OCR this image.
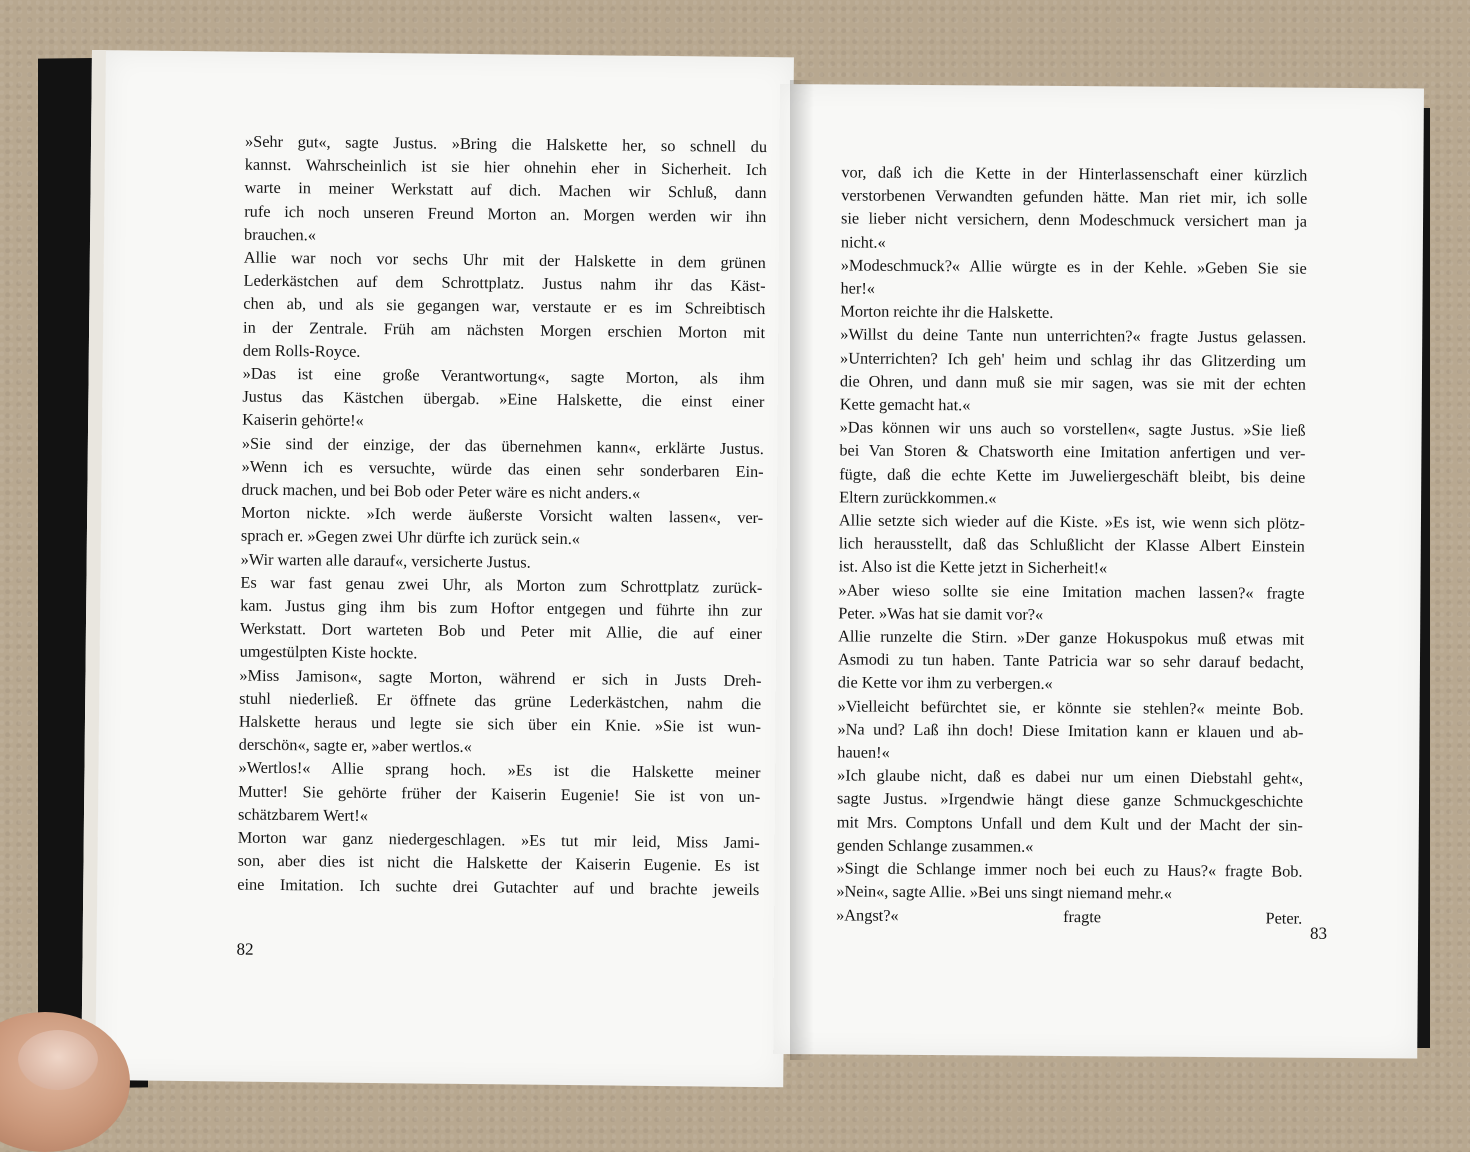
»Sehr gut«, sagte Justus. »Bring die Halskette her, so schnell du
kannst. Wahrscheinlich ist sie hier ohnehin eher in Sicherheit. Ich
warte in meiner Werkstatt auf dich. Machen wir Schluß, dann
rufe ich noch unseren Freund Morton an. Morgen werden wir ihn
brauchen.«
Allie war noch vor sechs Uhr mit der Halskette in dem grünen
Lederkästchen auf dem Schrottplatz. Justus nahm ihr das Käst-
chen ab, und als sie gegangen war, verstaute er es im Schreibtisch
in der Zentrale. Früh am nächsten Morgen erschien Morton mit
dem Rolls-Royce.
»Das ist eine große Verantwortung«, sagte Morton, als ihm
Justus das Kästchen übergab. »Eine Halskette, die einst einer
Kaiserin gehörte!«
»Sie sind der einzige, der das übernehmen kann«, erklärte Justus.
»Wenn ich es versuchte, würde das einen sehr sonderbaren Ein-
druck machen, und bei Bob oder Peter wäre es nicht anders.«
Morton nickte. »Ich werde äußerste Vorsicht walten lassen«, ver-
sprach er. »Gegen zwei Uhr dürfte ich zurück sein.«
»Wir warten alle darauf«, versicherte Justus.
Es war fast genau zwei Uhr, als Morton zum Schrottplatz zurück-
kam. Justus ging ihm bis zum Hoftor entgegen und führte ihn zur
Werkstatt. Dort warteten Bob und Peter mit Allie, die auf einer
umgestülpten Kiste hockte.
»Miss Jamison«, sagte Morton, während er sich in Justs Dreh-
stuhl niederließ. Er öffnete das grüne Lederkästchen, nahm die
Halskette heraus und legte sie sich über ein Knie. »Sie ist wun-
derschön«, sagte er, »aber wertlos.«
»Wertlos!« Allie sprang hoch. »Es ist die Halskette meiner
Mutter! Sie gehörte früher der Kaiserin Eugenie! Sie ist von un-
schätzbarem Wert!«
Morton war ganz niedergeschlagen. »Es tut mir leid, Miss Jami-
son, aber dies ist nicht die Halskette der Kaiserin Eugenie. Es ist
eine Imitation. Ich suchte drei Gutachter auf und brachte jeweils
82
vor, daß ich die Kette in der Hinterlassenschaft einer kürzlich
verstorbenen Verwandten gefunden hätte. Man riet mir, ich solle
sie lieber nicht versichern, denn Modeschmuck versichert man ja
nicht.«
»Modeschmuck?« Allie würgte es in der Kehle. »Geben Sie sie
her!«
Morton reichte ihr die Halskette.
»Willst du deine Tante nun unterrichten?« fragte Justus gelassen.
»Unterrichten? Ich geh' heim und schlag ihr das Glitzerding um
die Ohren, und dann muß sie mir sagen, was sie mit der echten
Kette gemacht hat.«
»Das können wir uns auch so vorstellen«, sagte Justus. »Sie ließ
bei Van Storen & Chatsworth eine Imitation anfertigen und ver-
fügte, daß die echte Kette im Juweliergeschäft bleibt, bis deine
Eltern zurückkommen.«
Allie setzte sich wieder auf die Kiste. »Es ist, wie wenn sich plötz-
lich herausstellt, daß das Schlußlicht der Klasse Albert Einstein
ist. Also ist die Kette jetzt in Sicherheit!«
»Aber wieso sollte sie eine Imitation machen lassen?« fragte
Peter. »Was hat sie damit vor?«
Allie runzelte die Stirn. »Der ganze Hokuspokus muß etwas mit
Asmodi zu tun haben. Tante Patricia war so sehr darauf bedacht,
die Kette vor ihm zu verbergen.«
»Vielleicht befürchtet sie, er könnte sie stehlen?« meinte Bob.
»Na und? Laß ihn doch! Diese Imitation kann er klauen und ab-
hauen!«
»Ich glaube nicht, daß es dabei nur um einen Diebstahl geht«,
sagte Justus. »Irgendwie hängt diese ganze Schmuckgeschichte
mit Mrs. Comptons Unfall und dem Kult und der Macht der sin-
genden Schlange zusammen.«
»Singt die Schlange immer noch bei euch zu Haus?« fragte Bob.
»Nein«, sagte Allie. »Bei uns singt niemand mehr.«
»Angst?« fragte Peter.
83
